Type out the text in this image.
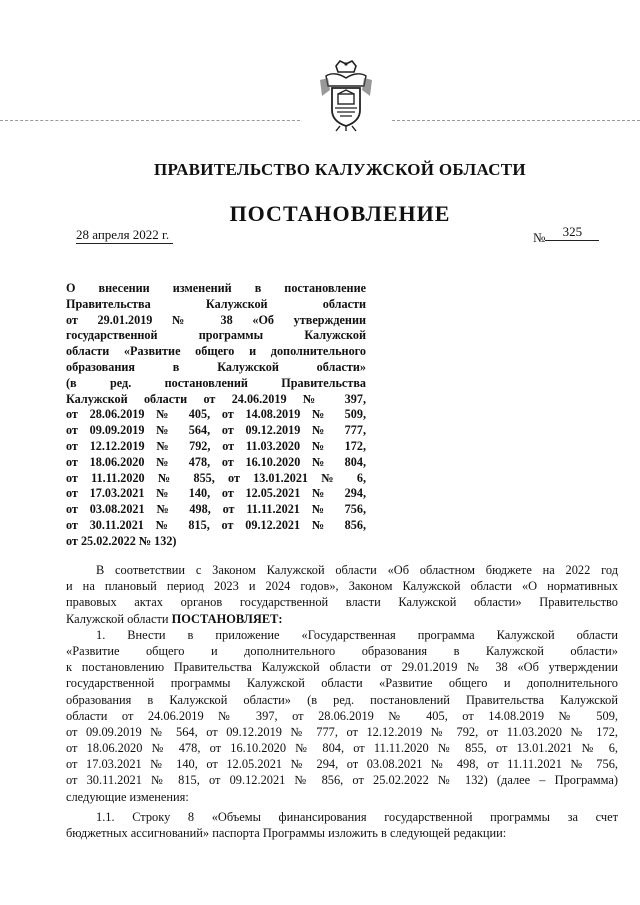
ПРАВИТЕЛЬСТВО КАЛУЖСКОЙ ОБЛАСТИ
ПОСТАНОВЛЕНИЕ
28 апреля 2022 г.	№ 325
О внесении изменений в постановление
Правительства Калужской области
от 29.01.2019 № 38 «Об утверждении
государственной программы Калужской
области «Развитие общего и дополнительного
образования в Калужской области»
(в ред. постановлений Правительства
Калужской области от 24.06.2019 № 397,
от 28.06.2019 № 405, от 14.08.2019 № 509,
от 09.09.2019 № 564, от 09.12.2019 № 777,
от 12.12.2019 № 792, от 11.03.2020 № 172,
от 18.06.2020 № 478, от 16.10.2020 № 804,
от 11.11.2020 № 855, от 13.01.2021 № 6,
от 17.03.2021 № 140, от 12.05.2021 № 294,
от 03.08.2021 № 498, от 11.11.2021 № 756,
от 30.11.2021 № 815, от 09.12.2021 № 856,
от 25.02.2022 № 132)
В соответствии с Законом Калужской области «Об областном бюджете на 2022 год
и на плановый период 2023 и 2024 годов», Законом Калужской области «О нормативных
правовых актах органов государственной власти Калужской области» Правительство
Калужской области ПОСТАНОВЛЯЕТ:
1. Внести в приложение «Государственная программа Калужской области
«Развитие общего и дополнительного образования в Калужской области»
к постановлению Правительства Калужской области от 29.01.2019 № 38 «Об утверждении
государственной программы Калужской области «Развитие общего и дополнительного
образования в Калужской области» (в ред. постановлений Правительства Калужской
области от 24.06.2019 № 397, от 28.06.2019 № 405, от 14.08.2019 № 509,
от 09.09.2019 № 564, от 09.12.2019 № 777, от 12.12.2019 № 792, от 11.03.2020 № 172,
от 18.06.2020 № 478, от 16.10.2020 № 804, от 11.11.2020 № 855, от 13.01.2021 № 6,
от 17.03.2021 № 140, от 12.05.2021 № 294, от 03.08.2021 № 498, от 11.11.2021 № 756,
от 30.11.2021 № 815, от 09.12.2021 № 856, от 25.02.2022 № 132) (далее – Программа)
следующие изменения:
1.1. Строку 8 «Объемы финансирования государственной программы за счет
бюджетных ассигнований» паспорта Программы изложить в следующей редакции:
